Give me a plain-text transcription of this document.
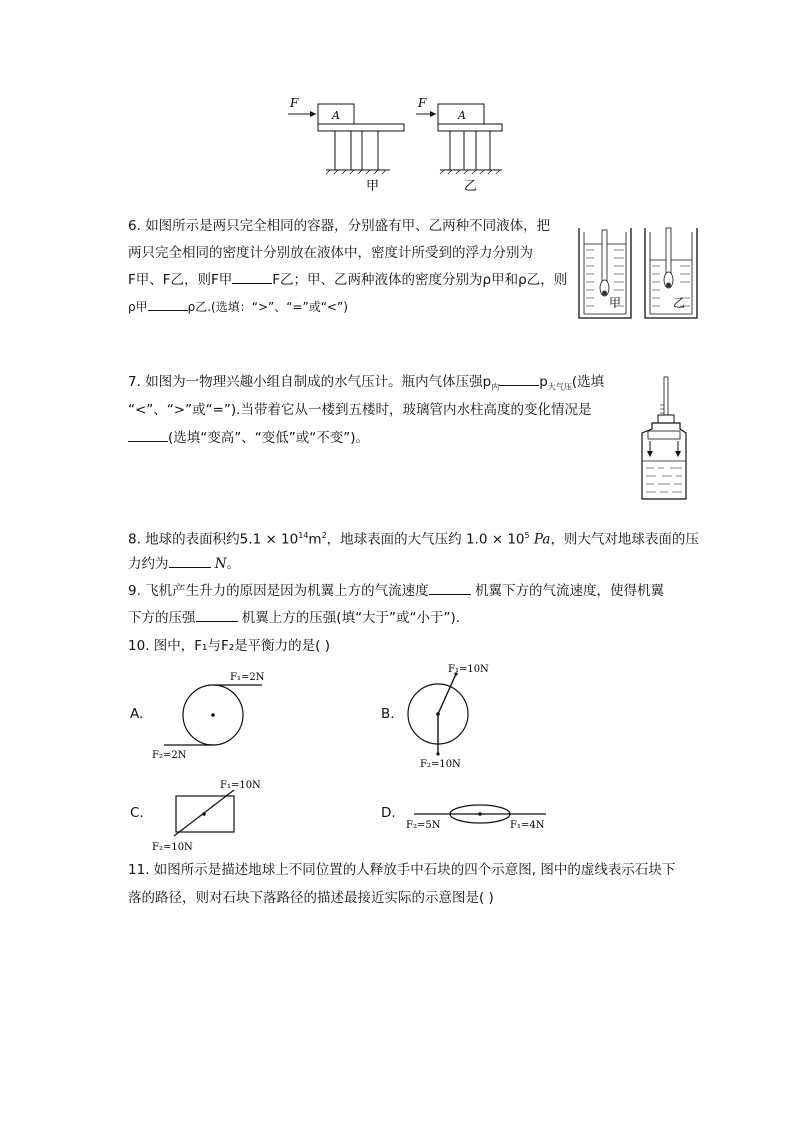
F
A
甲
F
A
乙
6. 如图所示是两只完全相同的容器，分别盛有甲、乙两种不同液体，把
两只完全相同的密度计分别放在液体中，密度计所受到的浮力分别为
F甲、F乙，则F甲	F乙；甲、乙两种液体的密度分别为ρ甲和ρ乙，则
ρ甲	ρ乙.(选填：“>”、“=”或“<”)	甲	乙
7. 如图为一物理兴趣小组自制成的水气压计。瓶内气体压强$p_内$	$p_{大气压}$(选填
“<”、“>”或“=”).当带着它从一楼到五楼时，玻璃管内水柱高度的变化情况是
(选填“变高”、“变低”或“不变”)。
8. 地球的表面积约$5.1 \times 10^{14}m^2$，地球表面的大气压约 $1.0 \times 10^5$ Pa，则大气对地球表面的压
力约为	N。
9. 飞机产生升力的原因是因为机翼上方的气流速度	机翼下方的气流速度，使得机翼
下方的压强	机翼上方的压强(填“大于”或“小于”).
10. 图中，F₁与F₂是平衡力的是( )
A.
F₁=2N
F₂=2N
B.
F₁=10N
F₂=10N
C.
F₁=10N
F₂=10N
D.
F₂=5N	F₁=4N
11. 如图所示是描述地球上不同位置的人释放手中石块的四个示意图, 图中的虚线表示石块下
落的路径，则对石块下落路径的描述最接近实际的示意图是( )
